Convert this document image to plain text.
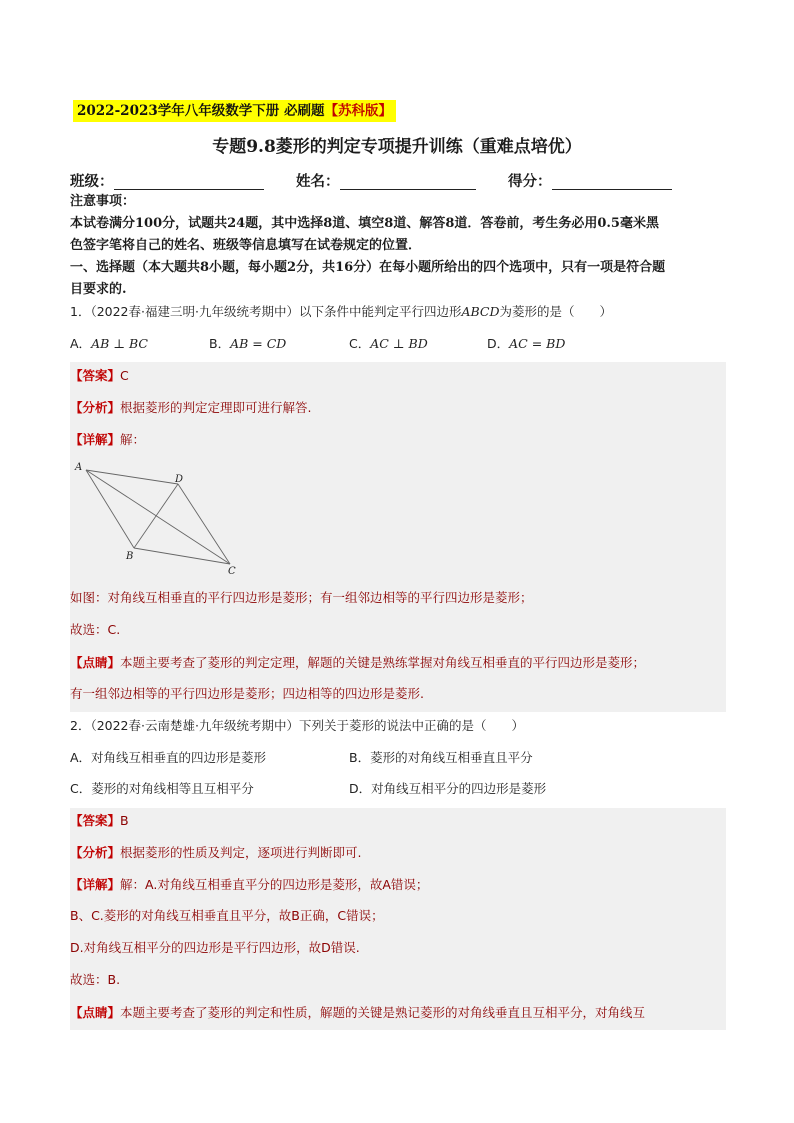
2022-2023学年八年级数学下册 必刷题【苏科版】
专题9.8菱形的判定专项提升训练（重难点培优）
班级：	姓名：	得分：
注意事项：
本试卷满分100分，试题共24题，其中选择8道、填空8道、解答8道．答卷前，考生务必用0.5毫米黑
色签字笔将自己的姓名、班级等信息填写在试卷规定的位置．
一、选择题（本大题共8小题，每小题2分，共16分）在每小题所给出的四个选项中，只有一项是符合题
目要求的.
1．（2022春·福建三明·九年级统考期中）以下条件中能判定平行四边形ABCD为菱形的是（　　）
A．AB ⊥ BC	B．AB = CD	C．AC ⊥ BD	D．AC = BD
【答案】C
【分析】根据菱形的判定定理即可进行解答.
【详解】解：
A
D
B
C
如图：对角线互相垂直的平行四边形是菱形；有一组邻边相等的平行四边形是菱形；
故选：C.
【点睛】本题主要考查了菱形的判定定理，解题的关键是熟练掌握对角线互相垂直的平行四边形是菱形；
有一组邻边相等的平行四边形是菱形；四边相等的四边形是菱形.
2．（2022春·云南楚雄·九年级统考期中）下列关于菱形的说法中正确的是（　　）
A．对角线互相垂直的四边形是菱形	B．菱形的对角线互相垂直且平分
C．菱形的对角线相等且互相平分	D．对角线互相平分的四边形是菱形
【答案】B
【分析】根据菱形的性质及判定，逐项进行判断即可.
【详解】解：A.对角线互相垂直平分的四边形是菱形，故A错误；
B、C.菱形的对角线互相垂直且平分，故B正确，C错误；
D.对角线互相平分的四边形是平行四边形，故D错误.
故选：B.
【点睛】本题主要考查了菱形的判定和性质，解题的关键是熟记菱形的对角线垂直且互相平分，对角线互
